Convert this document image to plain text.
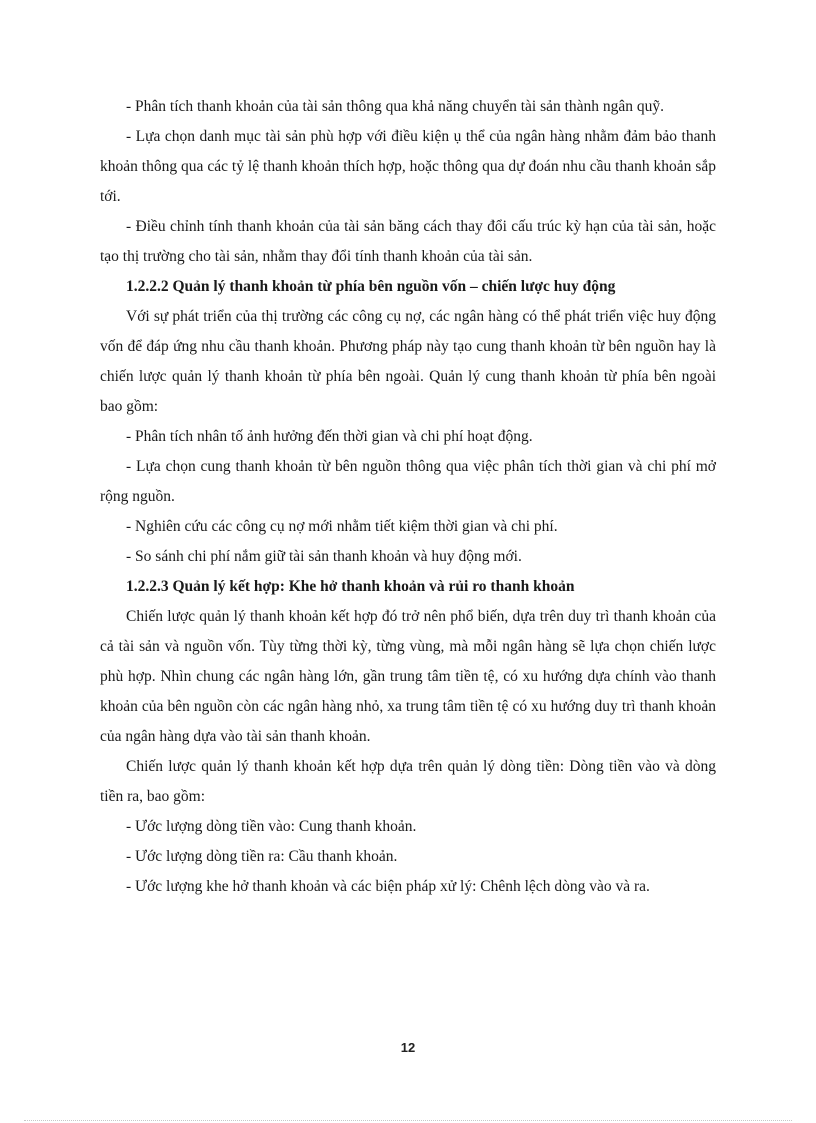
- Phân tích thanh khoản của tài sản thông qua khả năng chuyển tài sản thành ngân quỹ.

- Lựa chọn danh mục tài sản phù hợp với điều kiện ụ thể của ngân hàng nhằm đảm bảo thanh khoản thông qua các tỷ lệ thanh khoản thích hợp, hoặc thông qua dự đoán nhu cầu thanh khoản sắp tới.

- Điều chỉnh tính thanh khoản của tài sản băng cách thay đổi cấu trúc kỳ hạn của tài sản, hoặc tạo thị trường cho tài sản, nhằm thay đổi tính thanh khoản của tài sản.

1.2.2.2 Quản lý thanh khoản từ phía bên nguồn vốn – chiến lược huy động

Với sự phát triển của thị trường các công cụ nợ, các ngân hàng có thể phát triển việc huy động vốn để đáp ứng nhu cầu thanh khoản. Phương pháp này tạo cung thanh khoản từ bên nguồn hay là chiến lược quản lý thanh khoản từ phía bên ngoài. Quản lý cung thanh khoản từ phía bên ngoài bao gồm:

- Phân tích nhân tố ảnh hưởng đến thời gian và chi phí hoạt động.

- Lựa chọn cung thanh khoản từ bên nguồn thông qua việc phân tích thời gian và chi phí mở rộng nguồn.

- Nghiên cứu các công cụ nợ mới nhằm tiết kiệm thời gian và chi phí.

- So sánh chi phí nắm giữ tài sản thanh khoản và huy động mới.

1.2.2.3 Quản lý kết hợp: Khe hở thanh khoản và rủi ro thanh khoản

Chiến lược quản lý thanh khoản kết hợp đó trở nên phổ biến, dựa trên duy trì thanh khoản của cả tài sản và nguồn vốn. Tùy từng thời kỳ, từng vùng, mà mỗi ngân hàng sẽ lựa chọn chiến lược phù hợp. Nhìn chung các ngân hàng lớn, gần trung tâm tiền tệ, có xu hướng dựa chính vào thanh khoản của bên nguồn còn các ngân hàng nhỏ, xa trung tâm tiền tệ có xu hướng duy trì thanh khoản của ngân hàng dựa vào tài sản thanh khoản.

Chiến lược quản lý thanh khoản kết hợp dựa trên quản lý dòng tiền: Dòng tiền vào và dòng tiền ra, bao gồm:

- Ước lượng dòng tiền vào: Cung thanh khoản.

- Ước lượng dòng tiền ra: Cầu thanh khoản.

- Ước lượng khe hở thanh khoản và các biện pháp xử lý: Chênh lệch dòng vào và ra.

12
